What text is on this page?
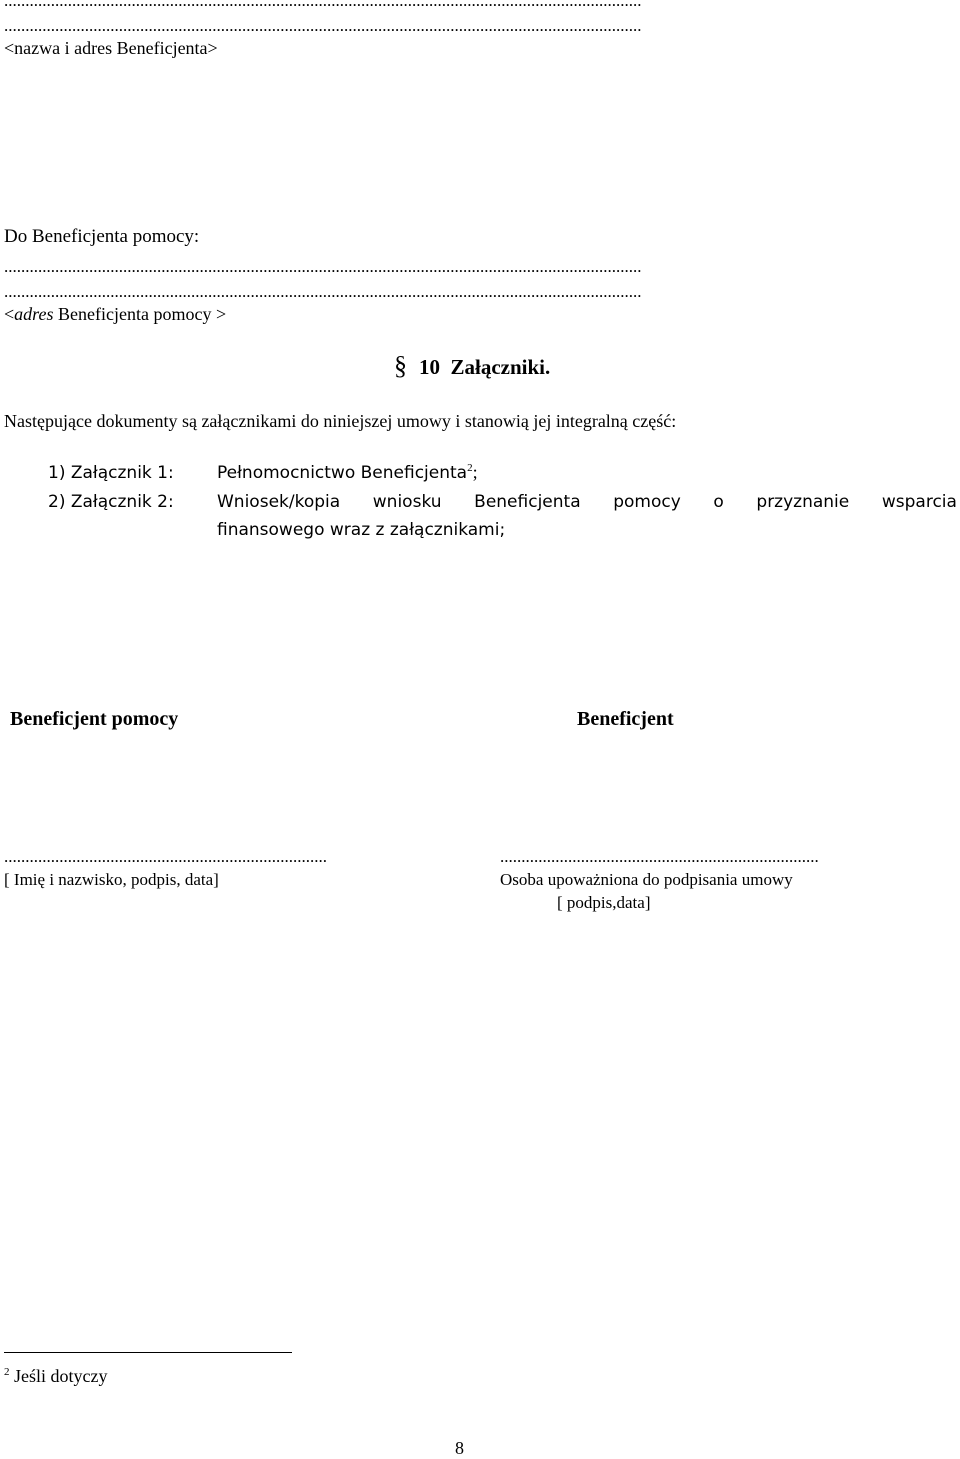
......................................................................................................................................................
<nazwa i adres Beneficjenta>
Do Beneficjenta pomocy:
......................................................................................................................................................
......................................................................................................................................................
<adres Beneficjenta pomocy >
§ 10 Załączniki.
Następujące dokumenty są załącznikami do niniejszej umowy i stanowią jej integralną część:
1) Załącznik 1:	Pełnomocnictwo Beneficjenta$^2$;
2) Załącznik 2:	Wniosek/kopia wniosku Beneficjenta pomocy o przyznanie wsparcia
finansowego wraz z załącznikami;
Beneficjent pomocy	Beneficjent
............................................................................	...........................................................................
[ Imię i nazwisko, podpis, data]	Osoba upoważniona do podpisania umowy
[ podpis,data]
$^2$ Jeśli dotyczy
8
